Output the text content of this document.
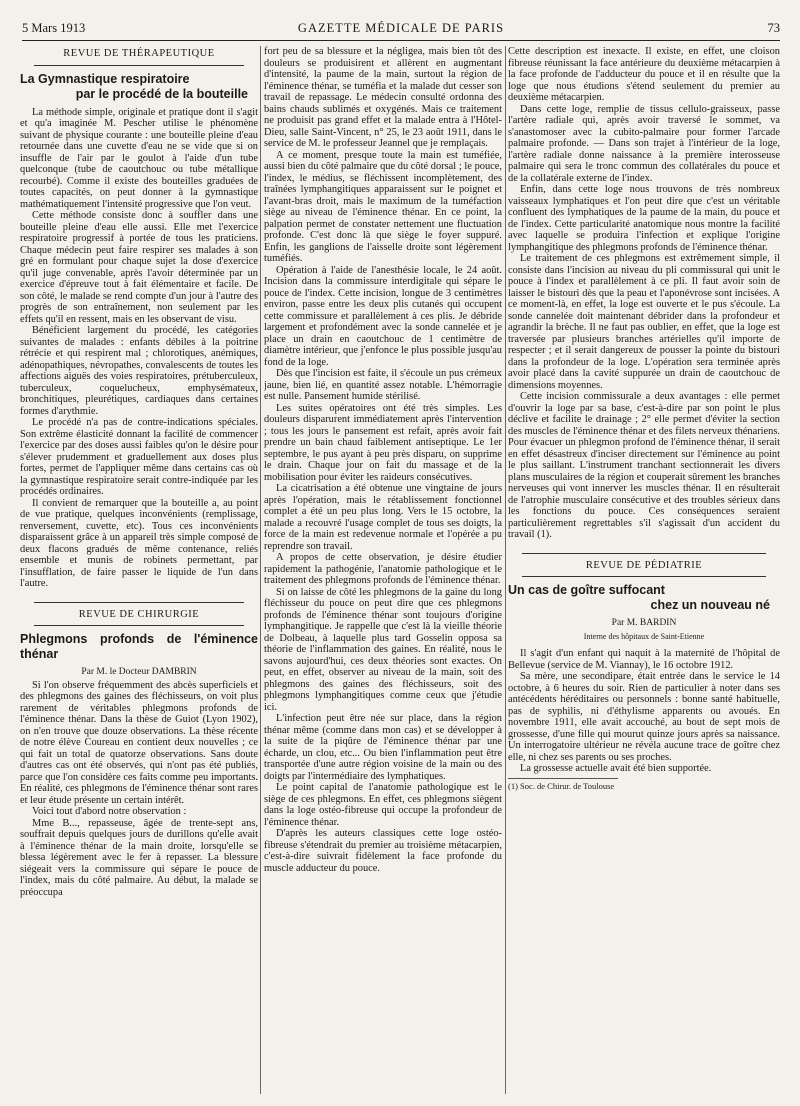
5 Mars 1913	GAZETTE MÉDICALE DE PARIS	73
REVUE DE THÉRAPEUTIQUE
La Gymnastique respiratoire
par le procédé de la bouteille

La méthode simple, originale et pratique dont il s'agit et qu'a imaginée M. Pescher utilise le phénomène suivant de physique courante : une bouteille pleine d'eau retournée dans une cuvette d'eau ne se vide que si on insuffle de l'air par le goulot à l'aide d'un tube quelconque (tube de caoutchouc ou tube métallique recourbé). Comme il existe des bouteilles graduées de toutes capacités, on peut donner à la gymnastique mathématiquement l'intensité progressive que l'on veut.

Cette méthode consiste donc à souffler dans une bouteille pleine d'eau elle aussi. Elle met l'exercice respiratoire progressif à portée de tous les praticiens. Chaque médecin peut faire respirer ses malades à son gré en formulant pour chaque sujet la dose d'exercice qu'il juge convenable, après l'avoir déterminée par un exercice d'épreuve tout à fait élémentaire et facile. De son côté, le malade se rend compte d'un jour à l'autre des progrès de son entraînement, non seulement par les effets qu'il en ressent, mais en les observant de visu.

Bénéficient largement du procédé, les catégories suivantes de malades : enfants débiles à la poitrine rétrécie et qui respirent mal ; chlorotiques, anémiques, adénopathiques, névropathes, convalescents de toutes les affections aiguës des voies respiratoires, prétuberculeux, tuberculeux, coquelucheux, emphysémateux, bronchitiques, pleurétiques, cardiaques dans certaines formes d'arythmie.

Le procédé n'a pas de contre-indications spéciales. Son extrême élasticité donnant la facilité de commencer l'exercice par des doses aussi faibles qu'on le désire pour s'élever prudemment et graduellement aux doses plus fortes, permet de l'appliquer même dans certains cas où la gymnastique respiratoire serait contre-indiquée par les procédés ordinaires.

Il convient de remarquer que la bouteille a, au point de vue pratique, quelques inconvénients (remplissage, renversement, cuvette, etc). Tous ces inconvénients disparaissent grâce à un appareil très simple composé de deux flacons gradués de même contenance, reliés ensemble et munis de robinets permettant, par l'insufflation, de faire passer le liquide de l'un dans l'autre.

REVUE DE CHIRURGIE
Phlegmons profonds de l'éminence thénar
Par M. le Docteur DAMBRIN

Si l'on observe fréquemment des abcès superficiels et des phlegmons des gaines des fléchisseurs, on voit plus rarement de véritables phlegmons profonds de l'éminence thénar. Dans la thèse de Guiot (Lyon 1902), on n'en trouve que douze observations. La thèse récente de notre élève Coureau en contient deux nouvelles ; ce qui fait un total de quatorze observations. Sans doute d'autres cas ont été observés, qui n'ont pas été publiés, parce que l'on considère ces faits comme peu importants. En réalité, ces phlegmons de l'éminence thénar sont rares et leur étude présente un certain intérêt.

Voici tout d'abord notre observation :

Mme B..., repasseuse, âgée de trente-sept ans, souffrait depuis quelques jours de durillons qu'elle avait à l'éminence thénar de la main droite, lorsqu'elle se blessa légèrement avec le fer à repasser. La blessure siégeait vers la commissure qui sépare le pouce de l'index, mais du côté palmaire. Au début, la malade se préoccupa

fort peu de sa blessure et la négligea, mais bien tôt des douleurs se produisirent et allèrent en augmentant d'intensité, la paume de la main, surtout la région de l'éminence thénar, se tuméfia et la malade dut cesser son travail de repassage. Le médecin consulté ordonna des bains chauds sublimés et oxygénés. Mais ce traitement ne produisit pas grand effet et la malade entra à l'Hôtel-Dieu, salle Saint-Vincent, n° 25, le 23 août 1911, dans le service de M. le professeur Jeannel que je remplaçais.

A ce moment, presque toute la main est tuméfiée, aussi bien du côté palmaire que du côté dorsal ; le pouce, l'index, le médius, se fléchissent incomplètement, des traînées lymphangitiques apparaissent sur le poignet et l'avant-bras droit, mais le maximum de la tuméfaction siège au niveau de l'éminence thénar. En ce point, la palpation permet de constater nettement une fluctuation profonde. C'est donc là que siège le foyer suppuré. Enfin, les ganglions de l'aisselle droite sont légèrement tuméfiés.

Opération à l'aide de l'anesthésie locale, le 24 août. Incision dans la commissure interdigitale qui sépare le pouce de l'index. Cette incision, longue de 3 centimètres environ, passe entre les deux plis cutanés qui occupent cette commissure et parallèlement à ces plis. Je débride largement et profondément avec la sonde cannelée et je place un drain en caoutchouc de 1 centimètre de diamètre intérieur, que j'enfonce le plus possible jusqu'au fond de la loge.

Dès que l'incision est faite, il s'écoule un pus crémeux jaune, bien lié, en quantité assez notable. L'hémorragie est nulle. Pansement humide stérilisé.

Les suites opératoires ont été très simples. Les douleurs disparurent immédiatement après l'intervention ; tous les jours le pansement est refait, après avoir fait prendre un bain chaud faiblement antiseptique. Le 1er septembre, le pus ayant à peu près disparu, on supprime le drain. Chaque jour on fait du massage et de la mobilisation pour éviter les raideurs consécutives.

La cicatrisation a été obtenue une vingtaine de jours après l'opération, mais le rétablissement fonctionnel complet a été un peu plus long. Vers le 15 octobre, la malade a recouvré l'usage complet de tous ses doigts, la force de la main est redevenue normale et l'opérée a pu reprendre son travail.

A propos de cette observation, je désire étudier rapidement la pathogénie, l'anatomie pathologique et le traitement des phlegmons profonds de l'éminence thénar.

Si on laisse de côté les phlegmons de la gaine du long fléchisseur du pouce on peut dire que ces phlegmons profonds de l'éminence thénar sont toujours d'origine lymphangitique. Je rappelle que c'est là la vieille théorie de Dolbeau, à laquelle plus tard Gosselin opposa sa théorie de l'inflammation des gaines. En réalité, nous le savons aujourd'hui, ces deux théories sont exactes. On peut, en effet, observer au niveau de la main, soit des phlegmons des gaines des fléchisseurs, soit des phlegmons lymphangitiques comme ceux que j'étudie ici.

L'infection peut être née sur place, dans la région thénar même (comme dans mon cas) et se développer à la suite de la piqûre de l'éminence thénar par une écharde, un clou, etc... Ou bien l'inflammation peut être transportée d'une autre région voisine de la main ou des doigts par l'intermédiaire des lymphatiques.

Le point capital de l'anatomie pathologique est le siège de ces phlegmons. En effet, ces phlegmons siègent dans la loge ostéo-fibreuse qui occupe la profondeur de l'éminence thénar.

D'après les auteurs classiques cette loge ostéo-fibreuse s'étendrait du premier au troisième métacarpien, c'est-à-dire suivrait fidèlement la face profonde du muscle adducteur du pouce.

Cette description est inexacte. Il existe, en effet, une cloison fibreuse réunissant la face antérieure du deuxième métacarpien à la face profonde de l'adducteur du pouce et il en résulte que la loge que nous étudions s'étend seulement du premier au deuxième métacarpien.

Dans cette loge, remplie de tissus cellulo-graisseux, passe l'artère radiale qui, après avoir traversé le sommet, va s'anastomoser avec la cubito-palmaire pour former l'arcade palmaire profonde. — Dans son trajet à l'intérieur de la loge, l'artère radiale donne naissance à la première interosseuse palmaire qui sera le tronc commun des collatérales du pouce et de la collatérale externe de l'index.

Enfin, dans cette loge nous trouvons de très nombreux vaisseaux lymphatiques et l'on peut dire que c'est un véritable confluent des lymphatiques de la paume de la main, du pouce et de l'index. Cette particularité anatomique nous montre la facilité avec laquelle se produira l'infection et explique l'origine lymphangitique des phlegmons profonds de l'éminence thénar.

Le traitement de ces phlegmons est extrêmement simple, il consiste dans l'incision au niveau du pli commissural qui unit le pouce à l'index et parallèlement à ce pli. Il faut avoir soin de laisser le bistouri dès que la peau et l'aponévrose sont incisées. A ce moment-là, en effet, la loge est ouverte et le pus s'écoule. La sonde cannelée doit maintenant débrider dans la profondeur et agrandir la brèche. Il ne faut pas oublier, en effet, que la loge est traversée par plusieurs branches artérielles qu'il importe de respecter ; et il serait dangereux de pousser la pointe du bistouri dans la profondeur de la loge. L'opération sera terminée après avoir placé dans la cavité suppurée un drain de caoutchouc de dimensions moyennes.

Cette incision commissurale a deux avantages : elle permet d'ouvrir la loge par sa base, c'est-à-dire par son point le plus déclive et facilite le drainage ; 2° elle permet d'éviter la section des muscles de l'éminence thénar et des filets nerveux thénariens. Pour évacuer un phlegmon profond de l'éminence thénar, il serait en effet désastreux d'inciser directement sur l'éminence au point le plus saillant. L'instrument tranchant sectionnerait les divers plans musculaires de la région et couperait sûrement les branches nerveuses qui vont innerver les muscles thénar. Il en résulterait de l'atrophie musculaire consécutive et des troubles sérieux dans les fonctions du pouce. Ces conséquences seraient particulièrement regrettables s'il s'agissait d'un accident du travail (1).

REVUE DE PÉDIATRIE
Un cas de goître suffocant
chez un nouveau né
Par M. BARDIN
Interne des hôpitaux de Saint-Etienne

Il s'agit d'un enfant qui naquit à la maternité de l'hôpital de Bellevue (service de M. Viannay), le 16 octobre 1912.

Sa mère, une secondipare, était entrée dans le service le 14 octobre, à 6 heures du soir. Rien de particulier à noter dans ses antécédents héréditaires ou personnels : bonne santé habituelle, pas de syphilis, ni d'éthylisme apparents ou avoués. En novembre 1911, elle avait accouché, au bout de sept mois de grossesse, d'une fille qui mourut quinze jours après sa naissance. Un interrogatoire ultérieur ne révéla aucune trace de goître chez elle, ni chez ses parents ou ses proches.

La grossesse actuelle avait été bien supportée.

(1) Soc. de Chirur. de Toulouse
